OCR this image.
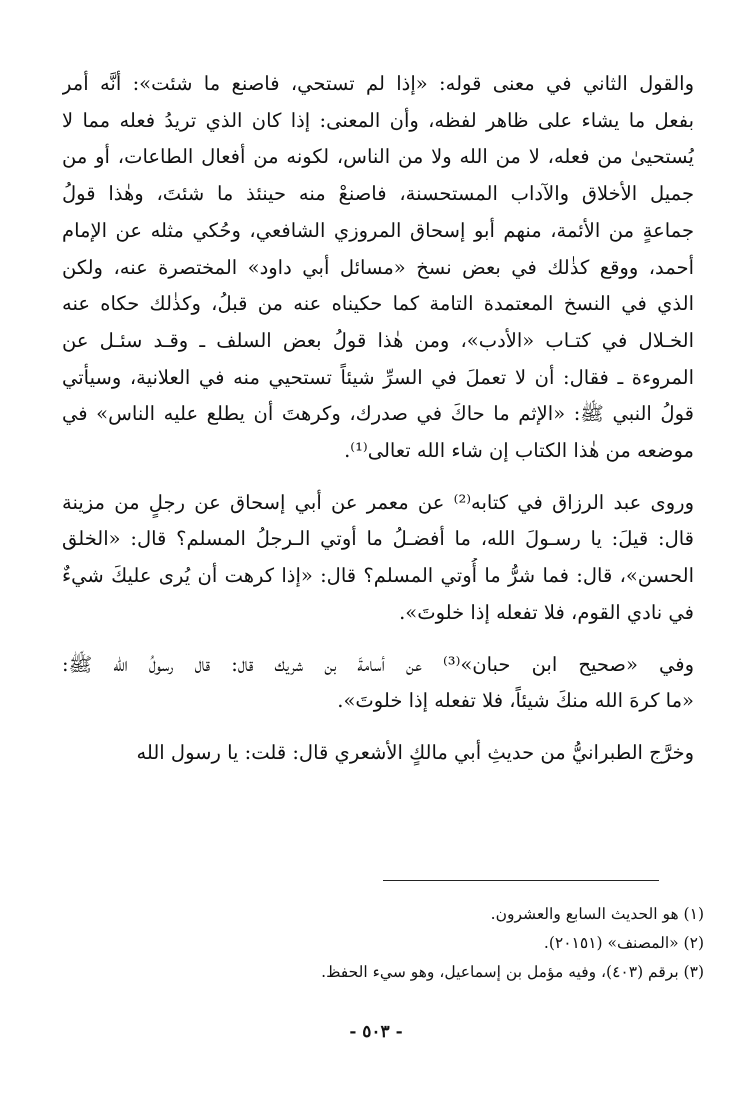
والقول الثاني في معنى قوله: «إذا لم تستحي، فاصنع ما شئت»: أنَّه أمر
بفعل ما يشاء على ظاهر لفظه، وأن المعنى: إذا كان الذي تريدُ فعله مما لا
يُستحيىٰ من فعله، لا من الله ولا من الناس، لكونه من أفعال الطاعات، أو من
جميل الأخلاق والآداب المستحسنة، فاصنعْ منه حينئذ ما شئتَ، وهٰذا قولُ
جماعةٍ من الأئمة، منهم أبو إسحاق المروزي الشافعي، وحُكي مثله عن الإمام
أحمد، ووقع كذٰلك في بعض نسخ «مسائل أبي داود» المختصرة عنه، ولكن
الذي في النسخ المعتمدة التامة كما حكيناه عنه من قبلُ، وكذٰلك حكاه عنه
الخـلال في كتـاب «الأدب»، ومن هٰذا قولُ بعض السلف ـ وقـد سئـل عن
المروءة ـ فقال: أن لا تعملَ في السرِّ شيئاً تستحيي منه في العلانية، وسيأتي
قولُ النبي ﷺ: «الإثم ما حاكَ في صدرك، وكرهتَ أن يطلع عليه الناس» في
موضعه من هٰذا الكتاب إن شاء الله تعالى⁽¹⁾.

وروى عبد الرزاق في كتابه⁽²⁾ عن معمر عن أبي إسحاق عن رجلٍ من مزينة
قال: قيلَ: يا رسـولَ الله، ما أفضـلُ ما أوتي الـرجلُ المسلم؟ قال: «الخلق
الحسن»، قال: فما شرُّ ما أُوتي المسلم؟ قال: «إذا كرهت أن يُرى عليكَ شيءٌ
في نادي القوم، فلا تفعله إذا خلوتَ».

وفي «صحيح ابن حبان»⁽³⁾ عن أسامةَ بن شريك قال: قال رسولُ الله ﷺ:
«ما كرهَ الله منكَ شيئاً، فلا تفعله إذا خلوتَ».

وخرَّج الطبرانيُّ من حديثِ أبي مالكٍ الأشعري قال: قلت: يا رسول الله

(١) هو الحديث السابع والعشرون.
(٢) «المصنف» (٢٠١٥١).
(٣) برقم (٤٠٣)، وفيه مؤمل بن إسماعيل، وهو سيء الحفظ.
- ٥٠٣ -
